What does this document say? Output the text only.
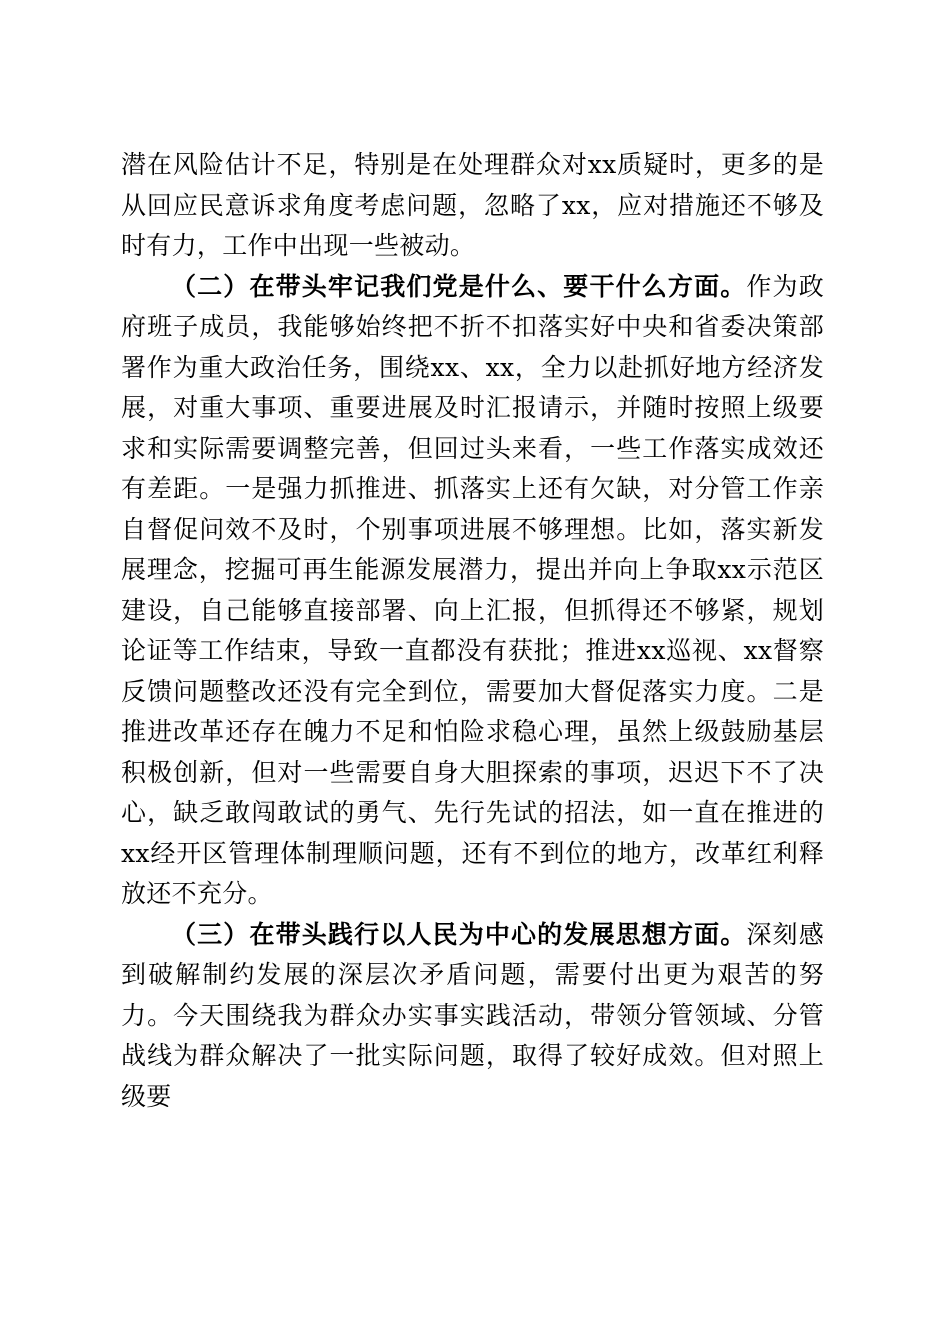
潜在风险估计不足，特别是在处理群众对xx质疑时，更多的是从回应民意诉求角度考虑问题，忽略了xx，应对措施还不够及时有力，工作中出现一些被动。

（二）在带头牢记我们党是什么、要干什么方面。作为政府班子成员，我能够始终把不折不扣落实好中央和省委决策部署作为重大政治任务，围绕xx、xx，全力以赴抓好地方经济发展，对重大事项、重要进展及时汇报请示，并随时按照上级要求和实际需要调整完善，但回过头来看，一些工作落实成效还有差距。一是强力抓推进、抓落实上还有欠缺，对分管工作亲自督促问效不及时，个别事项进展不够理想。比如，落实新发展理念，挖掘可再生能源发展潜力，提出并向上争取xx示范区建设，自己能够直接部署、向上汇报，但抓得还不够紧，规划论证等工作结束，导致一直都没有获批；推进xx巡视、xx督察反馈问题整改还没有完全到位，需要加大督促落实力度。二是推进改革还存在魄力不足和怕险求稳心理，虽然上级鼓励基层积极创新，但对一些需要自身大胆探索的事项，迟迟下不了决心，缺乏敢闯敢试的勇气、先行先试的招法，如一直在推进的xx经开区管理体制理顺问题，还有不到位的地方，改革红利释放还不充分。

（三）在带头践行以人民为中心的发展思想方面。深刻感到破解制约发展的深层次矛盾问题，需要付出更为艰苦的努力。今天围绕我为群众办实事实践活动，带领分管领域、分管战线为群众解决了一批实际问题，取得了较好成效。但对照上级要
